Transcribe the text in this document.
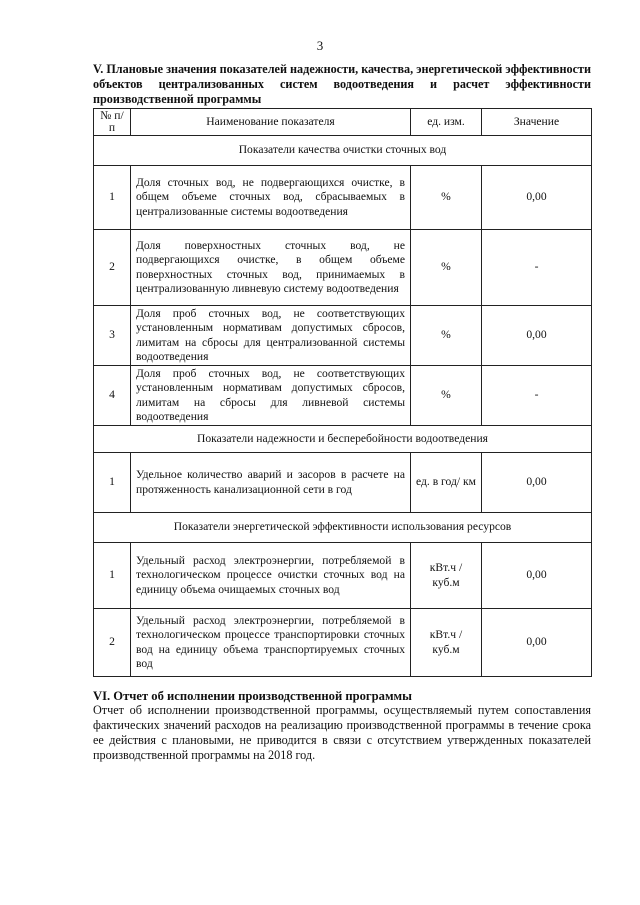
3
V. Плановые значения показателей надежности, качества, энергетической эффективности объектов централизованных систем водоотведения и расчет эффективности производственной программы
№ п/п	Наименование показателя	ед. изм.	Значение
Показатели качества очистки сточных вод			
1	Доля сточных вод, не подвергающихся очистке, в общем объеме сточных вод, сбрасываемых в централизованные системы водоотведения	%	0,00
2	Доля поверхностных сточных вод, не подвергающихся очистке, в общем объеме поверхностных сточных вод, принимаемых в централизованную ливневую систему водоотведения	%	-
3	Доля проб сточных вод, не соответствующих установленным нормативам допустимых сбросов, лимитам на сбросы для централизованной системы водоотведения	%	0,00
4	Доля проб сточных вод, не соответствующих установленным нормативам допустимых сбросов, лимитам на сбросы для ливневой системы водоотведения	%	-
Показатели надежности и бесперебойности водоотведения			
1	Удельное количество аварий и засоров в расчете на протяженность канализационной сети в год	ед. в год/ км	0,00
Показатели энергетической эффективности использования ресурсов			
1	Удельный расход электроэнергии, потребляемой в технологическом процессе очистки сточных вод на единицу объема очищаемых сточных вод	кВт.ч / куб.м	0,00
2	Удельный расход электроэнергии, потребляемой в технологическом процессе транспортировки сточных вод на единицу объема транспортируемых сточных вод	кВт.ч / куб.м	0,00
VI. Отчет об исполнении производственной программы
Отчет об исполнении производственной программы, осуществляемый путем сопоставления фактических значений расходов на реализацию производственной программы в течение срока ее действия с плановыми, не приводится в связи с отсутствием утвержденных показателей производственной программы на 2018 год.
